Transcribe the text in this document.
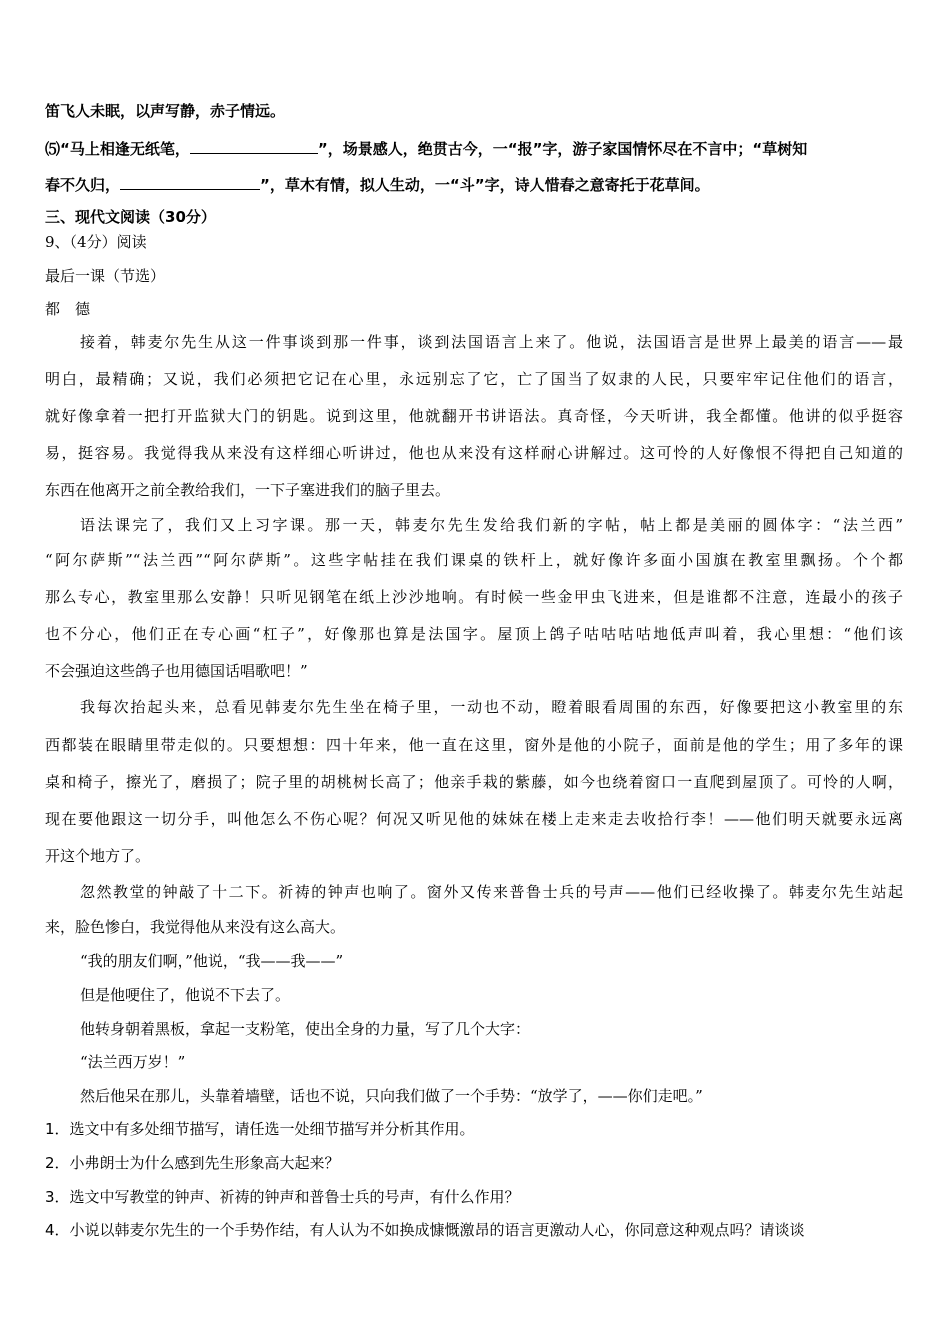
笛飞人未眠，以声写静，赤子情远。
⑸“马上相逢无纸笔，	”，场景感人，绝贯古今，一“报”字，游子家国情怀尽在不言中；“草树知
春不久归，	”，草木有情，拟人生动，一“斗”字，诗人惜春之意寄托于花草间。
三、现代文阅读（30分）
9、（4分）阅读
最后一课（节选）
都　德
接着，韩麦尔先生从这一件事谈到那一件事，谈到法国语言上来了。他说，法国语言是世界上最美的语言——最
明白，最精确；又说，我们必须把它记在心里，永远别忘了它，亡了国当了奴隶的人民，只要牢牢记住他们的语言，
就好像拿着一把打开监狱大门的钥匙。说到这里，他就翻开书讲语法。真奇怪，今天听讲，我全都懂。他讲的似乎挺容
易，挺容易。我觉得我从来没有这样细心听讲过，他也从来没有这样耐心讲解过。这可怜的人好像恨不得把自己知道的
东西在他离开之前全教给我们，一下子塞进我们的脑子里去。
语法课完了，我们又上习字课。那一天，韩麦尔先生发给我们新的字帖，帖上都是美丽的圆体字：“法兰西”
“阿尔萨斯”“法兰西”“阿尔萨斯”。这些字帖挂在我们课桌的铁杆上，就好像许多面小国旗在教室里飘扬。个个都
那么专心，教室里那么安静！只听见钢笔在纸上沙沙地响。有时候一些金甲虫飞进来，但是谁都不注意，连最小的孩子
也不分心，他们正在专心画“杠子”，好像那也算是法国字。屋顶上鸽子咕咕咕咕地低声叫着，我心里想：“他们该
不会强迫这些鸽子也用德国话唱歌吧！”
我每次抬起头来，总看见韩麦尔先生坐在椅子里，一动也不动，瞪着眼看周围的东西，好像要把这小教室里的东
西都装在眼睛里带走似的。只要想想：四十年来，他一直在这里，窗外是他的小院子，面前是他的学生；用了多年的课
桌和椅子，擦光了，磨损了；院子里的胡桃树长高了；他亲手栽的紫藤，如今也绕着窗口一直爬到屋顶了。可怜的人啊，
现在要他跟这一切分手，叫他怎么不伤心呢？何况又听见他的妹妹在楼上走来走去收拾行李！——他们明天就要永远离
开这个地方了。
忽然教堂的钟敲了十二下。祈祷的钟声也响了。窗外又传来普鲁士兵的号声——他们已经收操了。韩麦尔先生站起
来，脸色惨白，我觉得他从来没有这么高大。
“我的朋友们啊，”他说，“我——我——”
但是他哽住了，他说不下去了。
他转身朝着黑板，拿起一支粉笔，使出全身的力量，写了几个大字：
“法兰西万岁！”
然后他呆在那儿，头靠着墙壁，话也不说，只向我们做了一个手势：“放学了，——你们走吧。”
1．选文中有多处细节描写，请任选一处细节描写并分析其作用。
2．小弗朗士为什么感到先生形象高大起来？
3．选文中写教堂的钟声、祈祷的钟声和普鲁士兵的号声，有什么作用？
4．小说以韩麦尔先生的一个手势作结，有人认为不如换成慷慨激昂的语言更激动人心，你同意这种观点吗？请谈谈
